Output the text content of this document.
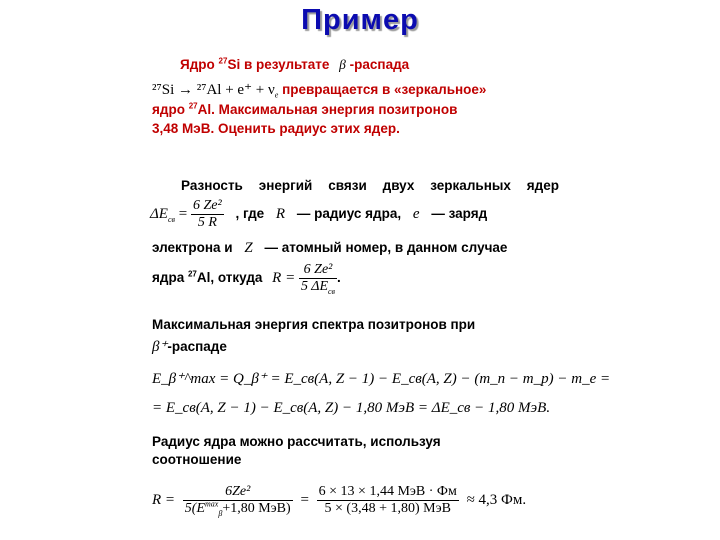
Пример
Ядро $^{27}$Si в результате β -распада
$^{27}Si \to ^{27}Al + e^+ + \nu_e$ превращается в «зеркальное»
ядро $^{27}$Al. Максимальная энергия позитронов
3,48 МэВ. Оценить радиус этих ядер.
Разность энергий связи двух зеркальных ядер
$\Delta E_{св} = \frac{\text{6 Ze²}}{5 R}$ , где R — радиус ядра, e — заряд
электрона и Z — атомный номер, в данном случае
ядра $^{27}$Al, откуда $R = \frac{\text{6 Ze²}}{5 \Delta E_{св}}$ .
Максимальная энергия спектра позитронов при
β⁺-распаде
E_β⁺^max = Q_β⁺ = E_св(A, Z − 1) − E_св(A, Z) − (m_n − m_p) − m_e =
= E_св(A, Z − 1) − E_св(A, Z) − 1,80 МэВ = ΔE_св − 1,80 МэВ.
Радиус ядра можно рассчитать, используя
соотношение
$R = \frac{\text{6Ze²}}{5(E^{max}_\beta+1,80 МэВ)} = \frac{\text{6 × 13 × 1,44 МэВ · Фм}}{\text{5 × (3,48 + 1,80) МэВ}} \approx 4,3$ Фм.
